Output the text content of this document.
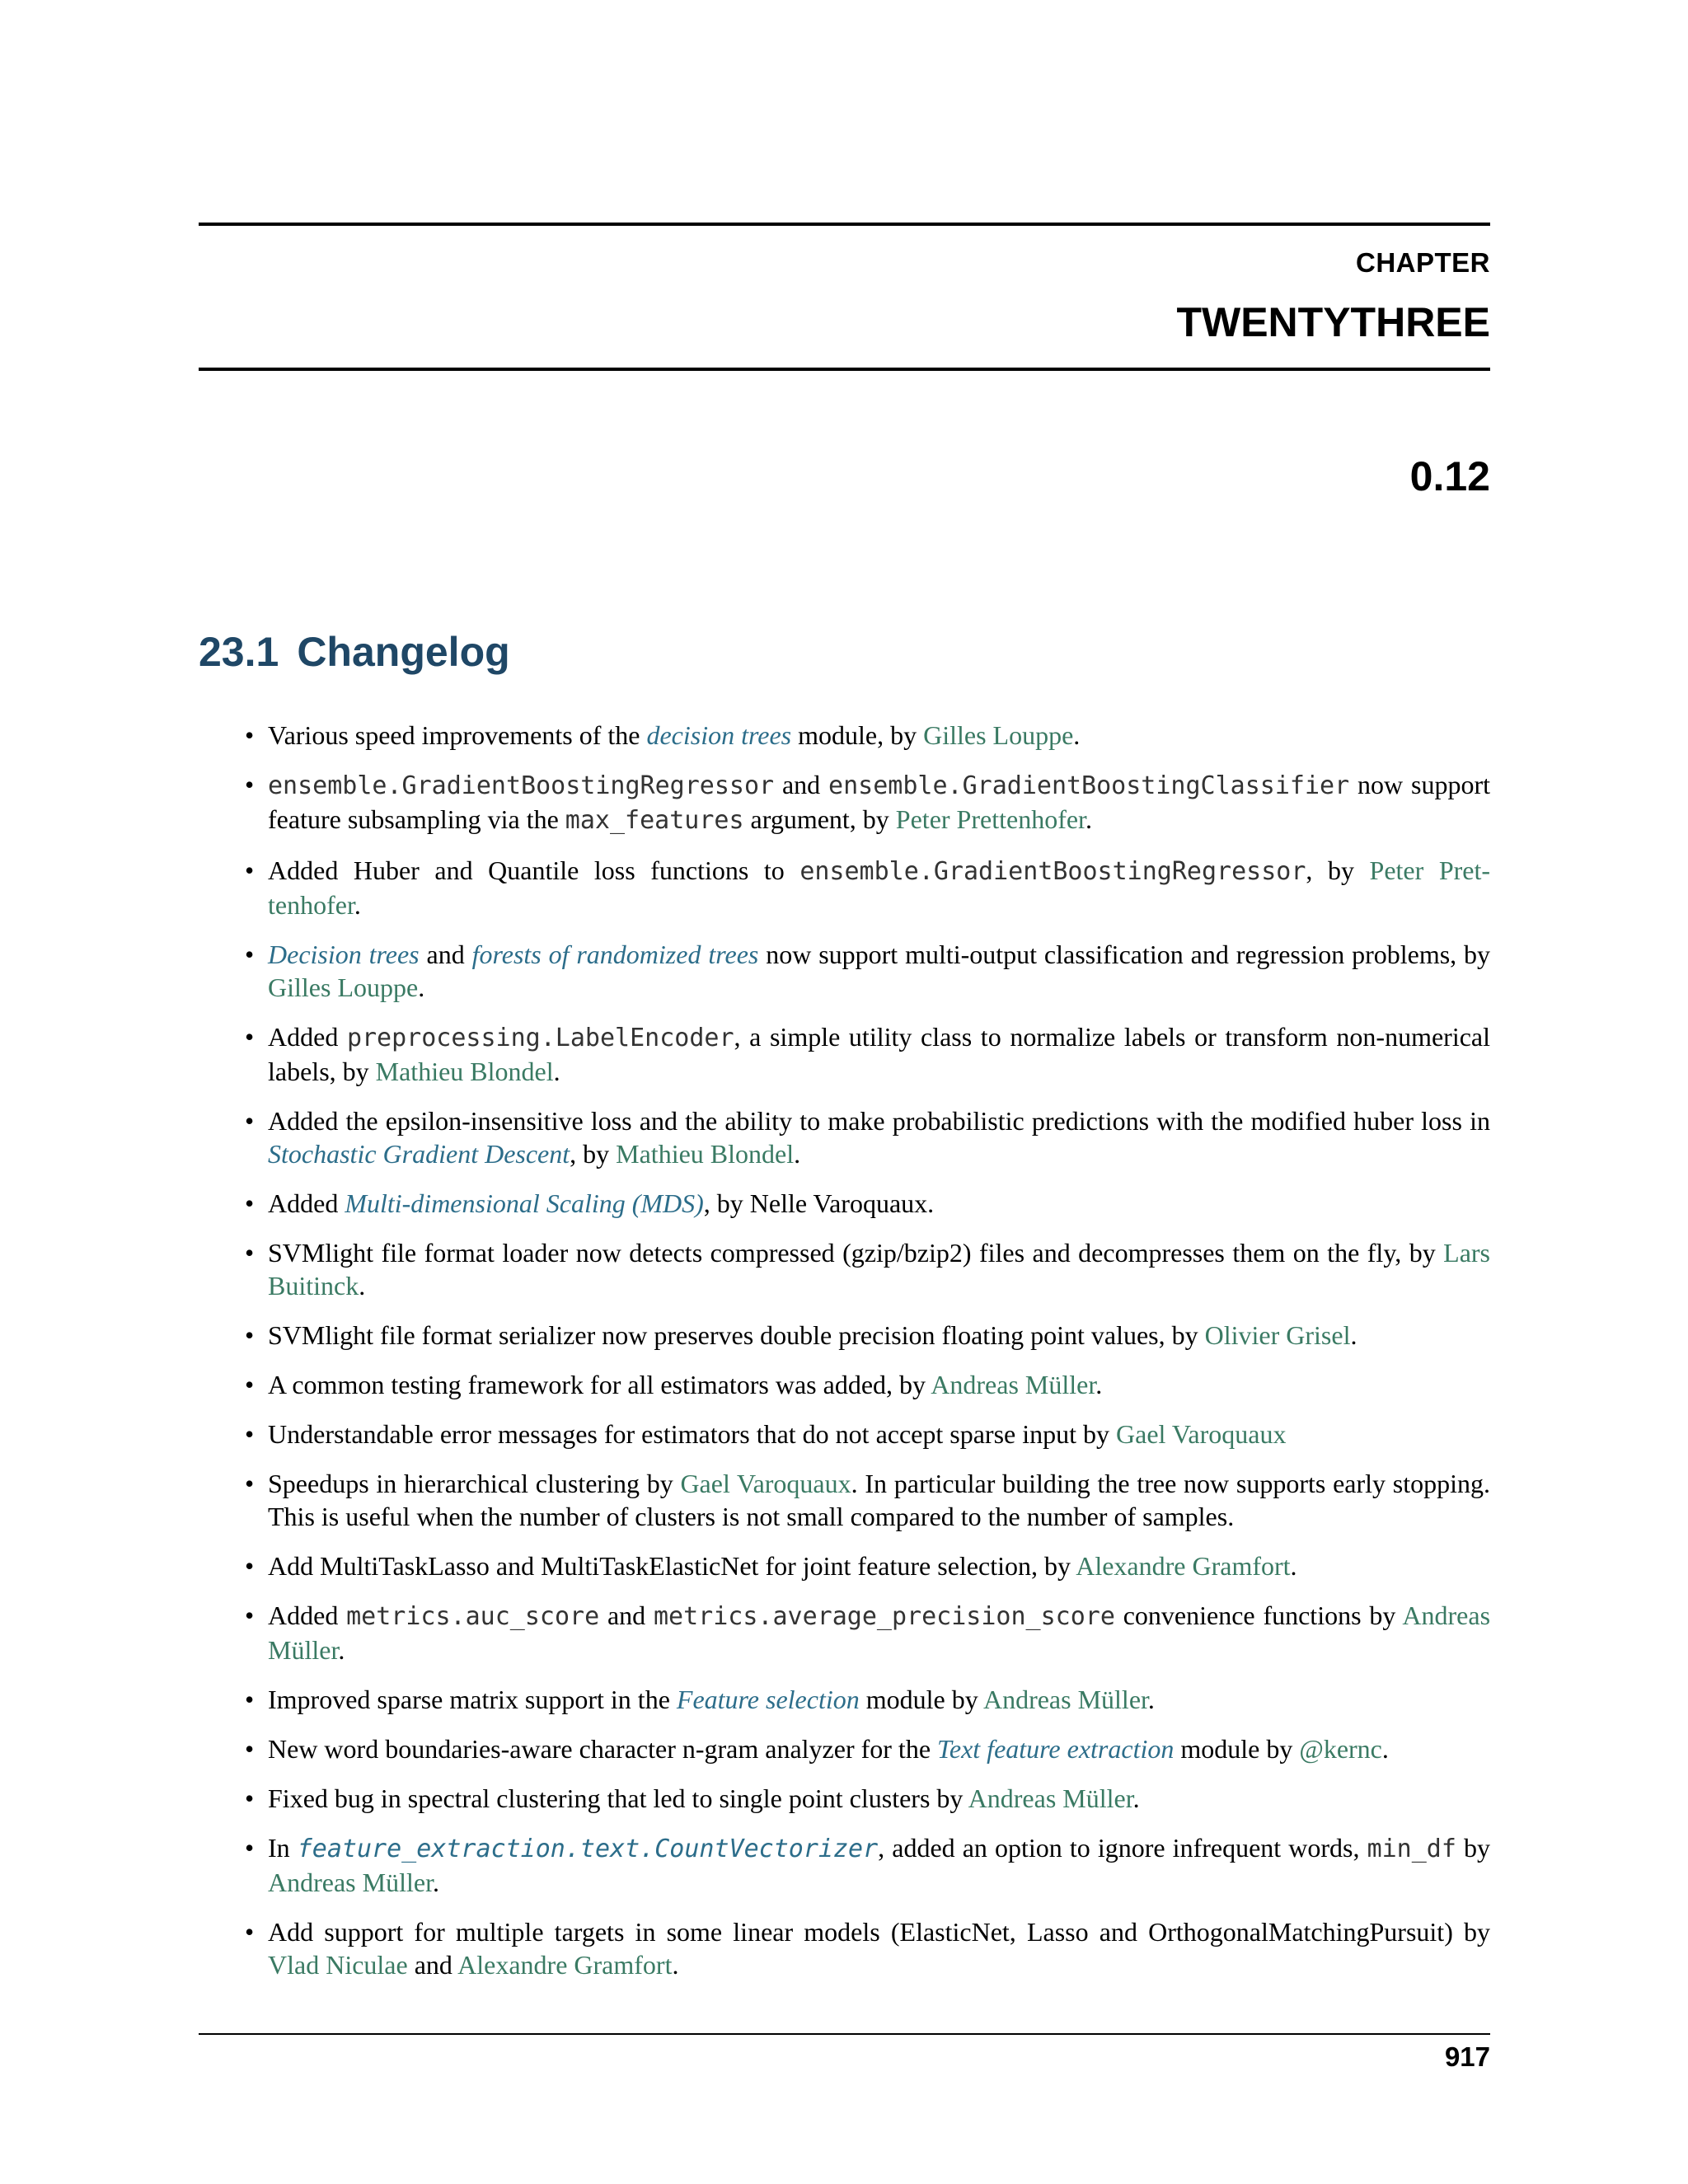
CHAPTER
TWENTYTHREE
0.12
23.1 Changelog
• Various speed improvements of the decision trees module, by Gilles Louppe.
• ensemble.GradientBoostingRegressor and ensemble.GradientBoostingClassifier now support feature subsampling via the max_features argument, by Peter Prettenhofer.
• Added Huber and Quantile loss functions to ensemble.GradientBoostingRegressor, by Peter Pret-tenhofer.
• Decision trees and forests of randomized trees now support multi-output classification and regression problems, by Gilles Louppe.
• Added preprocessing.LabelEncoder, a simple utility class to normalize labels or transform non-numerical labels, by Mathieu Blondel.
• Added the epsilon-insensitive loss and the ability to make probabilistic predictions with the modified huber loss in Stochastic Gradient Descent, by Mathieu Blondel.
• Added Multi-dimensional Scaling (MDS), by Nelle Varoquaux.
• SVMlight file format loader now detects compressed (gzip/bzip2) files and decompresses them on the fly, by Lars Buitinck.
• SVMlight file format serializer now preserves double precision floating point values, by Olivier Grisel.
• A common testing framework for all estimators was added, by Andreas Müller.
• Understandable error messages for estimators that do not accept sparse input by Gael Varoquaux
• Speedups in hierarchical clustering by Gael Varoquaux. In particular building the tree now supports early stopping. This is useful when the number of clusters is not small compared to the number of samples.
• Add MultiTaskLasso and MultiTaskElasticNet for joint feature selection, by Alexandre Gramfort.
• Added metrics.auc_score and metrics.average_precision_score convenience functions by Andreas Müller.
• Improved sparse matrix support in the Feature selection module by Andreas Müller.
• New word boundaries-aware character n-gram analyzer for the Text feature extraction module by @kernc.
• Fixed bug in spectral clustering that led to single point clusters by Andreas Müller.
• In feature_extraction.text.CountVectorizer, added an option to ignore infrequent words, min_df by Andreas Müller.
• Add support for multiple targets in some linear models (ElasticNet, Lasso and OrthogonalMatchingPursuit) by Vlad Niculae and Alexandre Gramfort.
917
